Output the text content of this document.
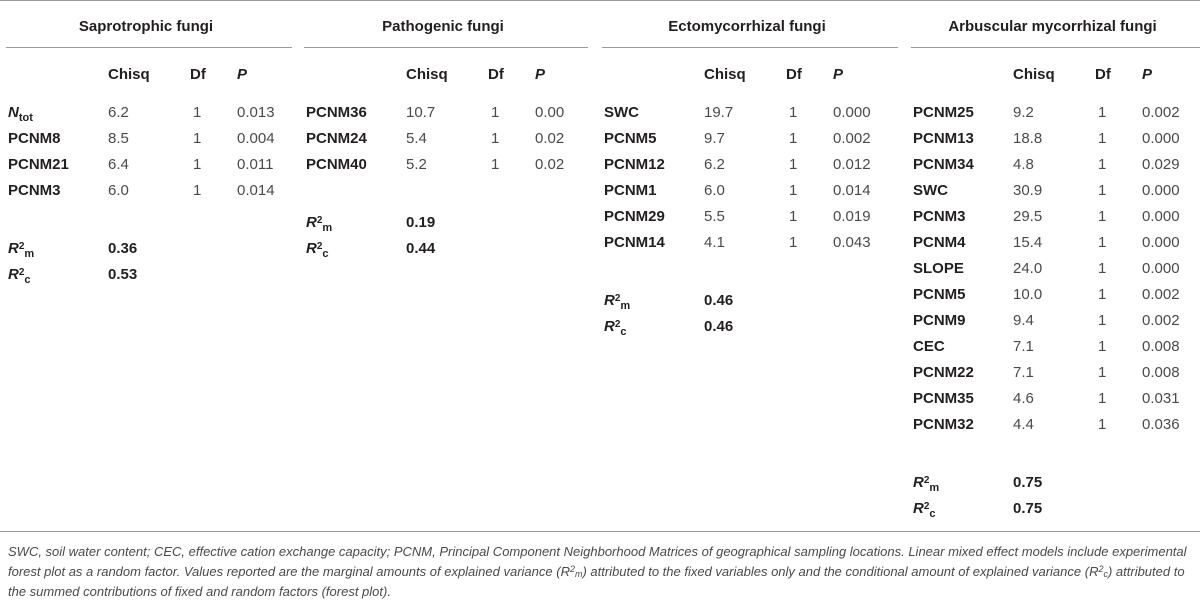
Saprotrophic fungi
Chisq	Df P
$N_{tot}$	6.2	1 0.013
PCNM8	8.5	1 0.004
PCNM21	6.4	1 0.011
PCNM3	6.0	1 0.014
$R^2_m$	0.36
$R^2_c$	0.53
Pathogenic fungi
Chisq	Df P
PCNM36	10.7	1 0.00
PCNM24	5.4	1 0.02
PCNM40	5.2	1 0.02
$R^2_m$	0.19
$R^2_c$	0.44
Ectomycorrhizal fungi
Chisq	Df P
SWC	19.7	1 0.000
PCNM5	9.7	1 0.002
PCNM12	6.2	1 0.012
PCNM1	6.0	1 0.014
PCNM29	5.5	1 0.019
PCNM14	4.1	1 0.043
$R^2_m$	0.46
$R^2_c$	0.46
Arbuscular mycorrhizal fungi
Chisq	Df P
PCNM25	9.2	1 0.002
PCNM13	18.8	1 0.000
PCNM34	4.8	1 0.029
SWC	30.9	1 0.000
PCNM3	29.5	1 0.000
PCNM4	15.4	1 0.000
SLOPE	24.0	1 0.000
PCNM5	10.0	1 0.002
PCNM9	9.4	1 0.002
CEC	7.1	1 0.008
PCNM22	7.1	1 0.008
PCNM35	4.6	1 0.031
PCNM32	4.4	1 0.036
$R^2_m$	0.75
$R^2_c$	0.75
SWC, soil water content; CEC, effective cation exchange capacity; PCNM, Principal Component Neighborhood Matrices of geographical sampling locations. Linear mixed effect models include experimental forest plot as a random factor. Values reported are the marginal amounts of explained variance $(R^2_m)$ attributed to the fixed variables only and the conditional amount of explained variance $(R^2_c)$ attributed to the summed contributions of fixed and random factors (forest plot).
